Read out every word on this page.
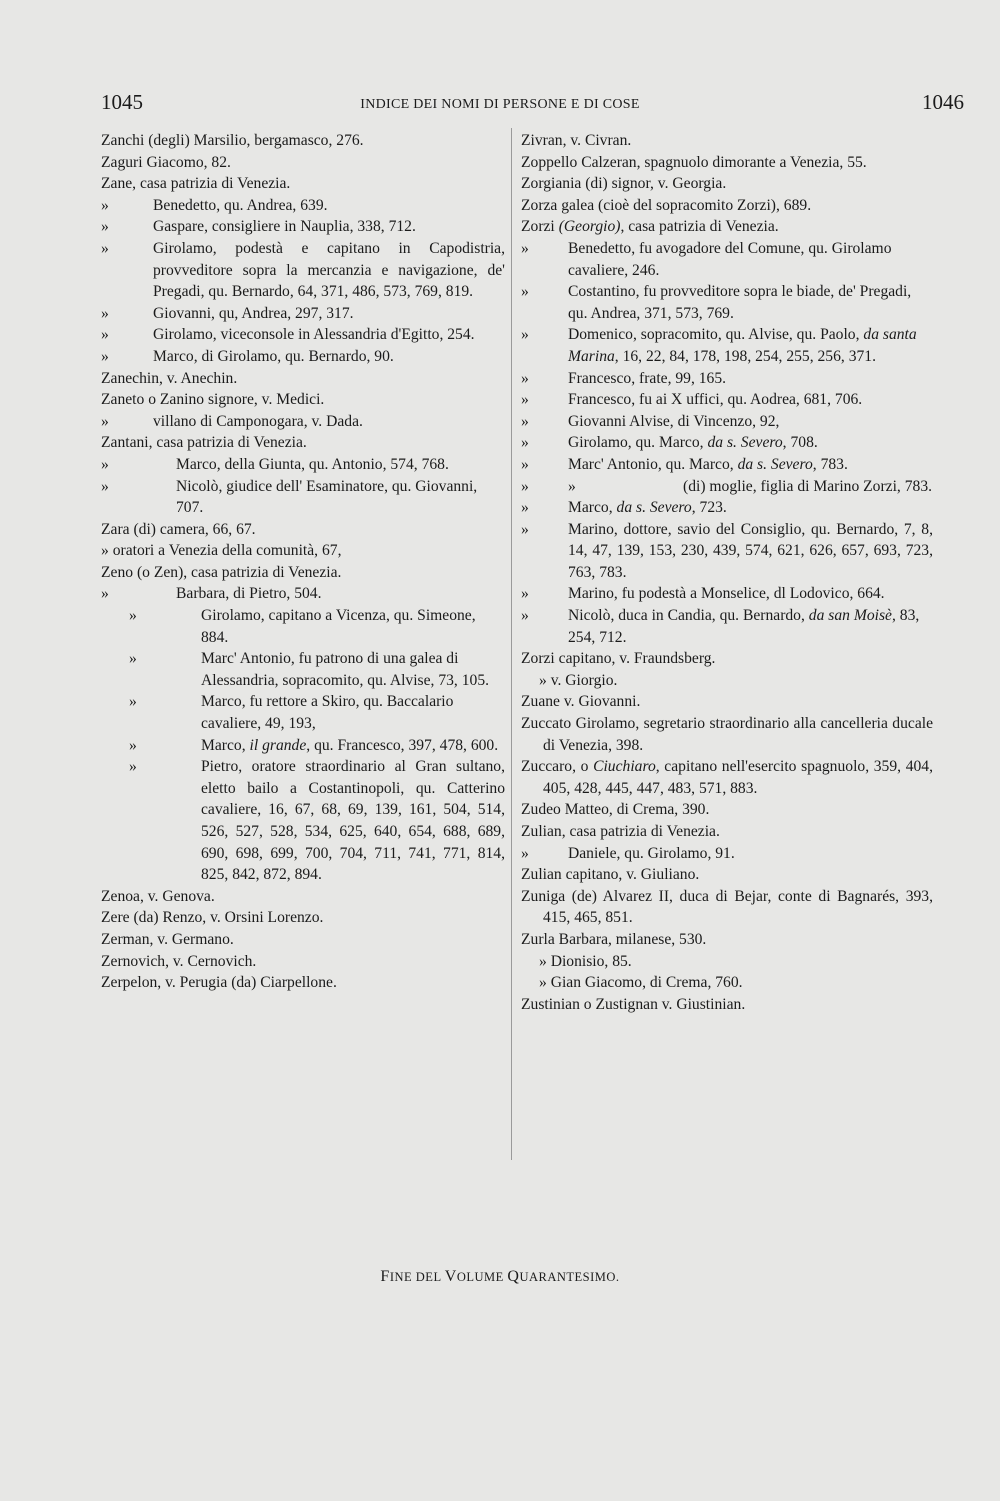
1045	INDICE DEI NOMI DI PERSONE E DI COSE	1046
Zanchi (degli) Marsilio, bergamasco, 276.
Zaguri Giacomo, 82.
Zane, casa patrizia di Venezia.
»	Benedetto, qu. Andrea, 639.
»	Gaspare, consigliere in Nauplia, 338, 712.
»	Girolamo, podestà e capitano in Capodistria, provveditore sopra la mercanzia e navigazione, de' Pregadi, qu. Bernardo, 64, 371, 486, 573, 769, 819.
»	Giovanni, qu, Andrea, 297, 317.
»	Girolamo, viceconsole in Alessandria d'Egitto, 254.
»	Marco, di Girolamo, qu. Bernardo, 90.
Zanechin, v. Anechin.
Zaneto o Zanino signore, v. Medici.
»	villano di Camponogara, v. Dada.
Zantani, casa patrizia di Venezia.
»	Marco, della Giunta, qu. Antonio, 574, 768.
»	Nicolò, giudice dell' Esaminatore, qu. Giovanni, 707.
Zara (di) camera, 66, 67.
» oratori a Venezia della comunità, 67,
Zeno (o Zen), casa patrizia di Venezia.
»	Barbara, di Pietro, 504.
»	Girolamo, capitano a Vicenza, qu. Simeone, 884.
»	Marc' Antonio, fu patrono di una galea di Alessandria, sopracomito, qu. Alvise, 73, 105.
»	Marco, fu rettore a Skiro, qu. Baccalario cavaliere, 49, 193,
»	Marco, il grande, qu. Francesco, 397, 478, 600.
»	Pietro, oratore straordinario al Gran sultano, eletto bailo a Costantinopoli, qu. Catterino cavaliere, 16, 67, 68, 69, 139, 161, 504, 514, 526, 527, 528, 534, 625, 640, 654, 688, 689, 690, 698, 699, 700, 704, 711, 741, 771, 814, 825, 842, 872, 894.
Zenoa, v. Genova.
Zere (da) Renzo, v. Orsini Lorenzo.
Zerman, v. Germano.
Zernovich, v. Cernovich.
Zerpelon, v. Perugia (da) Ciarpellone.
Zivran, v. Civran.
Zoppello Calzeran, spagnuolo dimorante a Venezia, 55.
Zorgiania (di) signor, v. Georgia.
Zorza galea (cioè del sopracomito Zorzi), 689.
Zorzi (Georgio), casa patrizia di Venezia.
»	Benedetto, fu avogadore del Comune, qu. Girolamo cavaliere, 246.
»	Costantino, fu provveditore sopra le biade, de' Pregadi, qu. Andrea, 371, 573, 769.
»	Domenico, sopracomito, qu. Alvise, qu. Paolo, da santa Marina, 16, 22, 84, 178, 198, 254, 255, 256, 371.
»	Francesco, frate, 99, 165.
»	Francesco, fu ai X uffici, qu. Aodrea, 681, 706.
»	Giovanni Alvise, di Vincenzo, 92,
»	Girolamo, qu. Marco, da s. Severo, 708.
»	Marc' Antonio, qu. Marco, da s. Severo, 783.
»	»	(di) moglie, figlia di Marino Zorzi, 783.
»	Marco, da s. Severo, 723.
»	Marino, dottore, savio del Consiglio, qu. Bernardo, 7, 8, 14, 47, 139, 153, 230, 439, 574, 621, 626, 657, 693, 723, 763, 783.
»	Marino, fu podestà a Monselice, dl Lodovico, 664.
»	Nicolò, duca in Candia, qu. Bernardo, da san Moisè, 83, 254, 712.
Zorzi capitano, v. Fraundsberg.
» v. Giorgio.
Zuane v. Giovanni.
Zuccato Girolamo, segretario straordinario alla cancelleria ducale di Venezia, 398.
Zuccaro, o Ciuchiaro, capitano nell'esercito spagnuolo, 359, 404, 405, 428, 445, 447, 483, 571, 883.
Zudeo Matteo, di Crema, 390.
Zulian, casa patrizia di Venezia.
»	Daniele, qu. Girolamo, 91.
Zulian capitano, v. Giuliano.
Zuniga (de) Alvarez II, duca di Bejar, conte di Bagnarés, 393, 415, 465, 851.
Zurla Barbara, milanese, 530.
» Dionisio, 85.
» Gian Giacomo, di Crema, 760.
Zustinian o Zustignan v. Giustinian.
FINE DEL VOLUME QUARANTESIMO.
